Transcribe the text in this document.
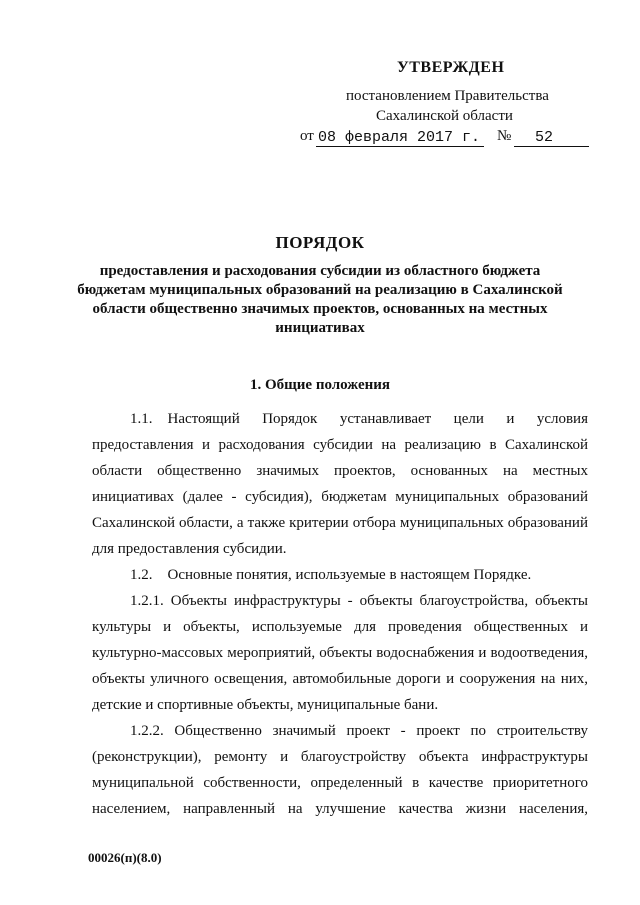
УТВЕРЖДЕН
постановлением Правительства
Сахалинской области
от 08 февраля 2017 г. № 52
ПОРЯДОК
предоставления и расходования субсидии из областного бюджета
бюджетам муниципальных образований на реализацию в Сахалинской
области общественно значимых проектов, основанных на местных
инициативах
1. Общие положения
1.1. Настоящий Порядок устанавливает цели и условия
предоставления и расходования субсидии на реализацию в Сахалинской
области общественно значимых проектов, основанных на местных
инициативах (далее - субсидия), бюджетам муниципальных образований
Сахалинской области, а также критерии отбора муниципальных образований
для предоставления субсидии.
1.2. Основные понятия, используемые в настоящем Порядке.
1.2.1. Объекты инфраструктуры - объекты благоустройства, объекты
культуры и объекты, используемые для проведения общественных и
культурно-массовых мероприятий, объекты водоснабжения и водоотведения,
объекты уличного освещения, автомобильные дороги и сооружения на них,
детские и спортивные объекты, муниципальные бани.
1.2.2. Общественно значимый проект - проект по строительству
(реконструкции), ремонту и благоустройству объекта инфраструктуры
муниципальной собственности, определенный в качестве приоритетного
населением, направленный на улучшение качества жизни населения,
00026(п)(8.0)
